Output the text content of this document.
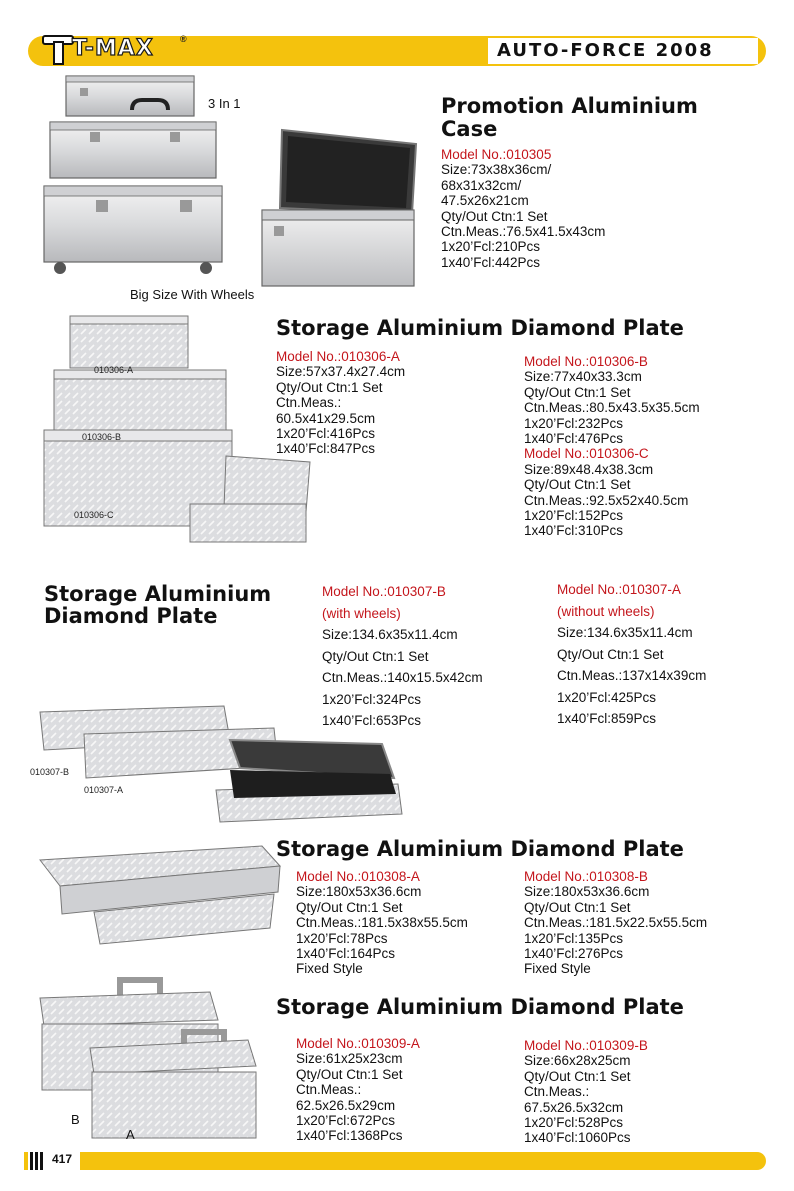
T-MAX	®
AUTO-FORCE 2008
3 In 1
Big Size With Wheels
Promotion Aluminium
Case
Model No.:010305
Size:73x38x36cm/
68x31x32cm/
47.5x26x21cm
Qty/Out Ctn:1 Set
Ctn.Meas.:76.5x41.5x43cm
1x20’Fcl:210Pcs
1x40’Fcl:442Pcs
010306-A
010306-B
010306-C
Storage Aluminium Diamond Plate
Model No.:010306-A
Size:57x37.4x27.4cm
Qty/Out Ctn:1 Set
Ctn.Meas.:
60.5x41x29.5cm
1x20’Fcl:416Pcs
1x40’Fcl:847Pcs
Model No.:010306-B
Size:77x40x33.3cm
Qty/Out Ctn:1 Set
Ctn.Meas.:80.5x43.5x35.5cm
1x20’Fcl:232Pcs
1x40’Fcl:476Pcs
Model No.:010306-C
Size:89x48.4x38.3cm
Qty/Out Ctn:1 Set
Ctn.Meas.:92.5x52x40.5cm
1x20’Fcl:152Pcs
1x40’Fcl:310Pcs
Storage Aluminium
Diamond Plate
Model No.:010307-B
(with wheels)
Size:134.6x35x11.4cm
Qty/Out Ctn:1 Set
Ctn.Meas.:140x15.5x42cm
1x20’Fcl:324Pcs
1x40’Fcl:653Pcs
Model No.:010307-A
(without wheels)
Size:134.6x35x11.4cm
Qty/Out Ctn:1 Set
Ctn.Meas.:137x14x39cm
1x20’Fcl:425Pcs
1x40’Fcl:859Pcs
010307-B
010307-A
Storage Aluminium Diamond Plate
Model No.:010308-A
Size:180x53x36.6cm
Qty/Out Ctn:1 Set
Ctn.Meas.:181.5x38x55.5cm
1x20’Fcl:78Pcs
1x40’Fcl:164Pcs
Fixed Style
Model No.:010308-B
Size:180x53x36.6cm
Qty/Out Ctn:1 Set
Ctn.Meas.:181.5x22.5x55.5cm
1x20’Fcl:135Pcs
1x40’Fcl:276Pcs
Fixed Style
B
A
Storage Aluminium Diamond Plate
Model No.:010309-A
Size:61x25x23cm
Qty/Out Ctn:1 Set
Ctn.Meas.:
62.5x26.5x29cm
1x20’Fcl:672Pcs
1x40’Fcl:1368Pcs
Model No.:010309-B
Size:66x28x25cm
Qty/Out Ctn:1 Set
Ctn.Meas.:
67.5x26.5x32cm
1x20’Fcl:528Pcs
1x40’Fcl:1060Pcs
417
